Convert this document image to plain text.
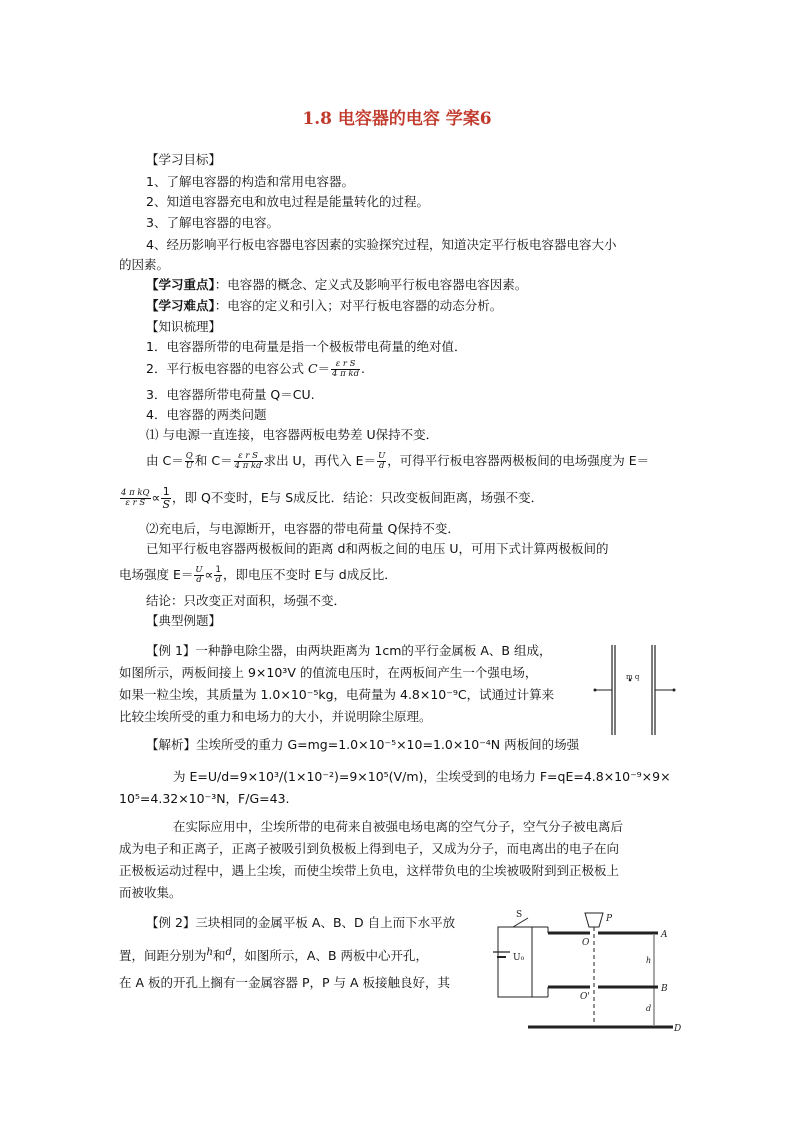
1.8 电容器的电容 学案6
【学习目标】
1、了解电容器的构造和常用电容器。
2、知道电容器充电和放电过程是能量转化的过程。
3、了解电容器的电容。
4、经历影响平行板电容器电容因素的实验探究过程，知道决定平行板电容器电容大小
的因素。
【学习重点】：电容器的概念、定义式及影响平行板电容器电容因素。
【学习难点】：电容的定义和引入；对平行板电容器的动态分析。
【知识梳理】
1．电容器所带的电荷量是指一个极板带电荷量的绝对值．
2．平行板电容器的电容公式 $C= \frac{\text{ε r S}}{\text{4 π kd}}$ .
3．电容器所带电荷量 Q＝CU.
4．电容器的两类问题
⑴ 与电源一直连接，电容器两板电势差 U保持不变．
由 $C= \frac{Q}{U}$ 和 $C= \frac{\text{ε r S}}{\text{4 π kd}}$ 求出 U，再代入 $E= \frac{U}{d}$ ，可得平行板电容器两极板间的电场强度为 E＝
$\frac{\text{4 π kQ}}{\text{ε r S}} \propto \frac{1}{S}$ ，即 Q不变时，E与 S成反比．结论：只改变板间距离，场强不变．
⑵充电后，与电源断开，电容器的带电荷量 Q保持不变．
已知平行板电容器两极板间的距离 d和两板之间的电压 U，可用下式计算两极板间的
电场强度 $E= \frac{U}{d} \propto \frac{1}{d}$ ，即电压不变时 E与 d成反比．
结论：只改变正对面积，场强不变．
【典型例题】
【例 1】一种静电除尘器，由两块距离为 1cm的平行金属板 A、B 组成，
如图所示，两板间接上 9×10³V 的值流电压时，在两板间产生一个强电场，
如果一粒尘埃，其质量为 1.0×10⁻⁵kg，电荷量为 4.8×10⁻⁹C，试通过计算来
比较尘埃所受的重力和电场力的大小，并说明除尘原理。
m q
【解析】尘埃所受的重力 G=mg=1.0×10⁻⁵×10=1.0×10⁻⁴N 两板间的场强
为 E=U/d=9×10³/(1×10⁻²)=9×10⁵(V/m)，尘埃受到的电场力 F=qE=4.8×10⁻⁹×9×
10⁵=4.32×10⁻³N，F/G=43.
在实际应用中，尘埃所带的电荷来自被强电场电离的空气分子，空气分子被电离后
成为电子和正离子，正离子被吸引到负极板上得到电子，又成为分子，而电离出的电子在向
正极板运动过程中，遇上尘埃，而使尘埃带上负电，这样带负电的尘埃被吸附到到正极板上
而被收集。
【例 2】三块相同的金属平板 A、B、D 自上而下水平放
置，间距分别为$^h$和$^d$，如图所示，A、B 两板中心开孔，
在 A 板的开孔上搁有一金属容器 P，P 与 A 板接触良好，其
U₀
S	P
O
O'
h
d
A
B
D
